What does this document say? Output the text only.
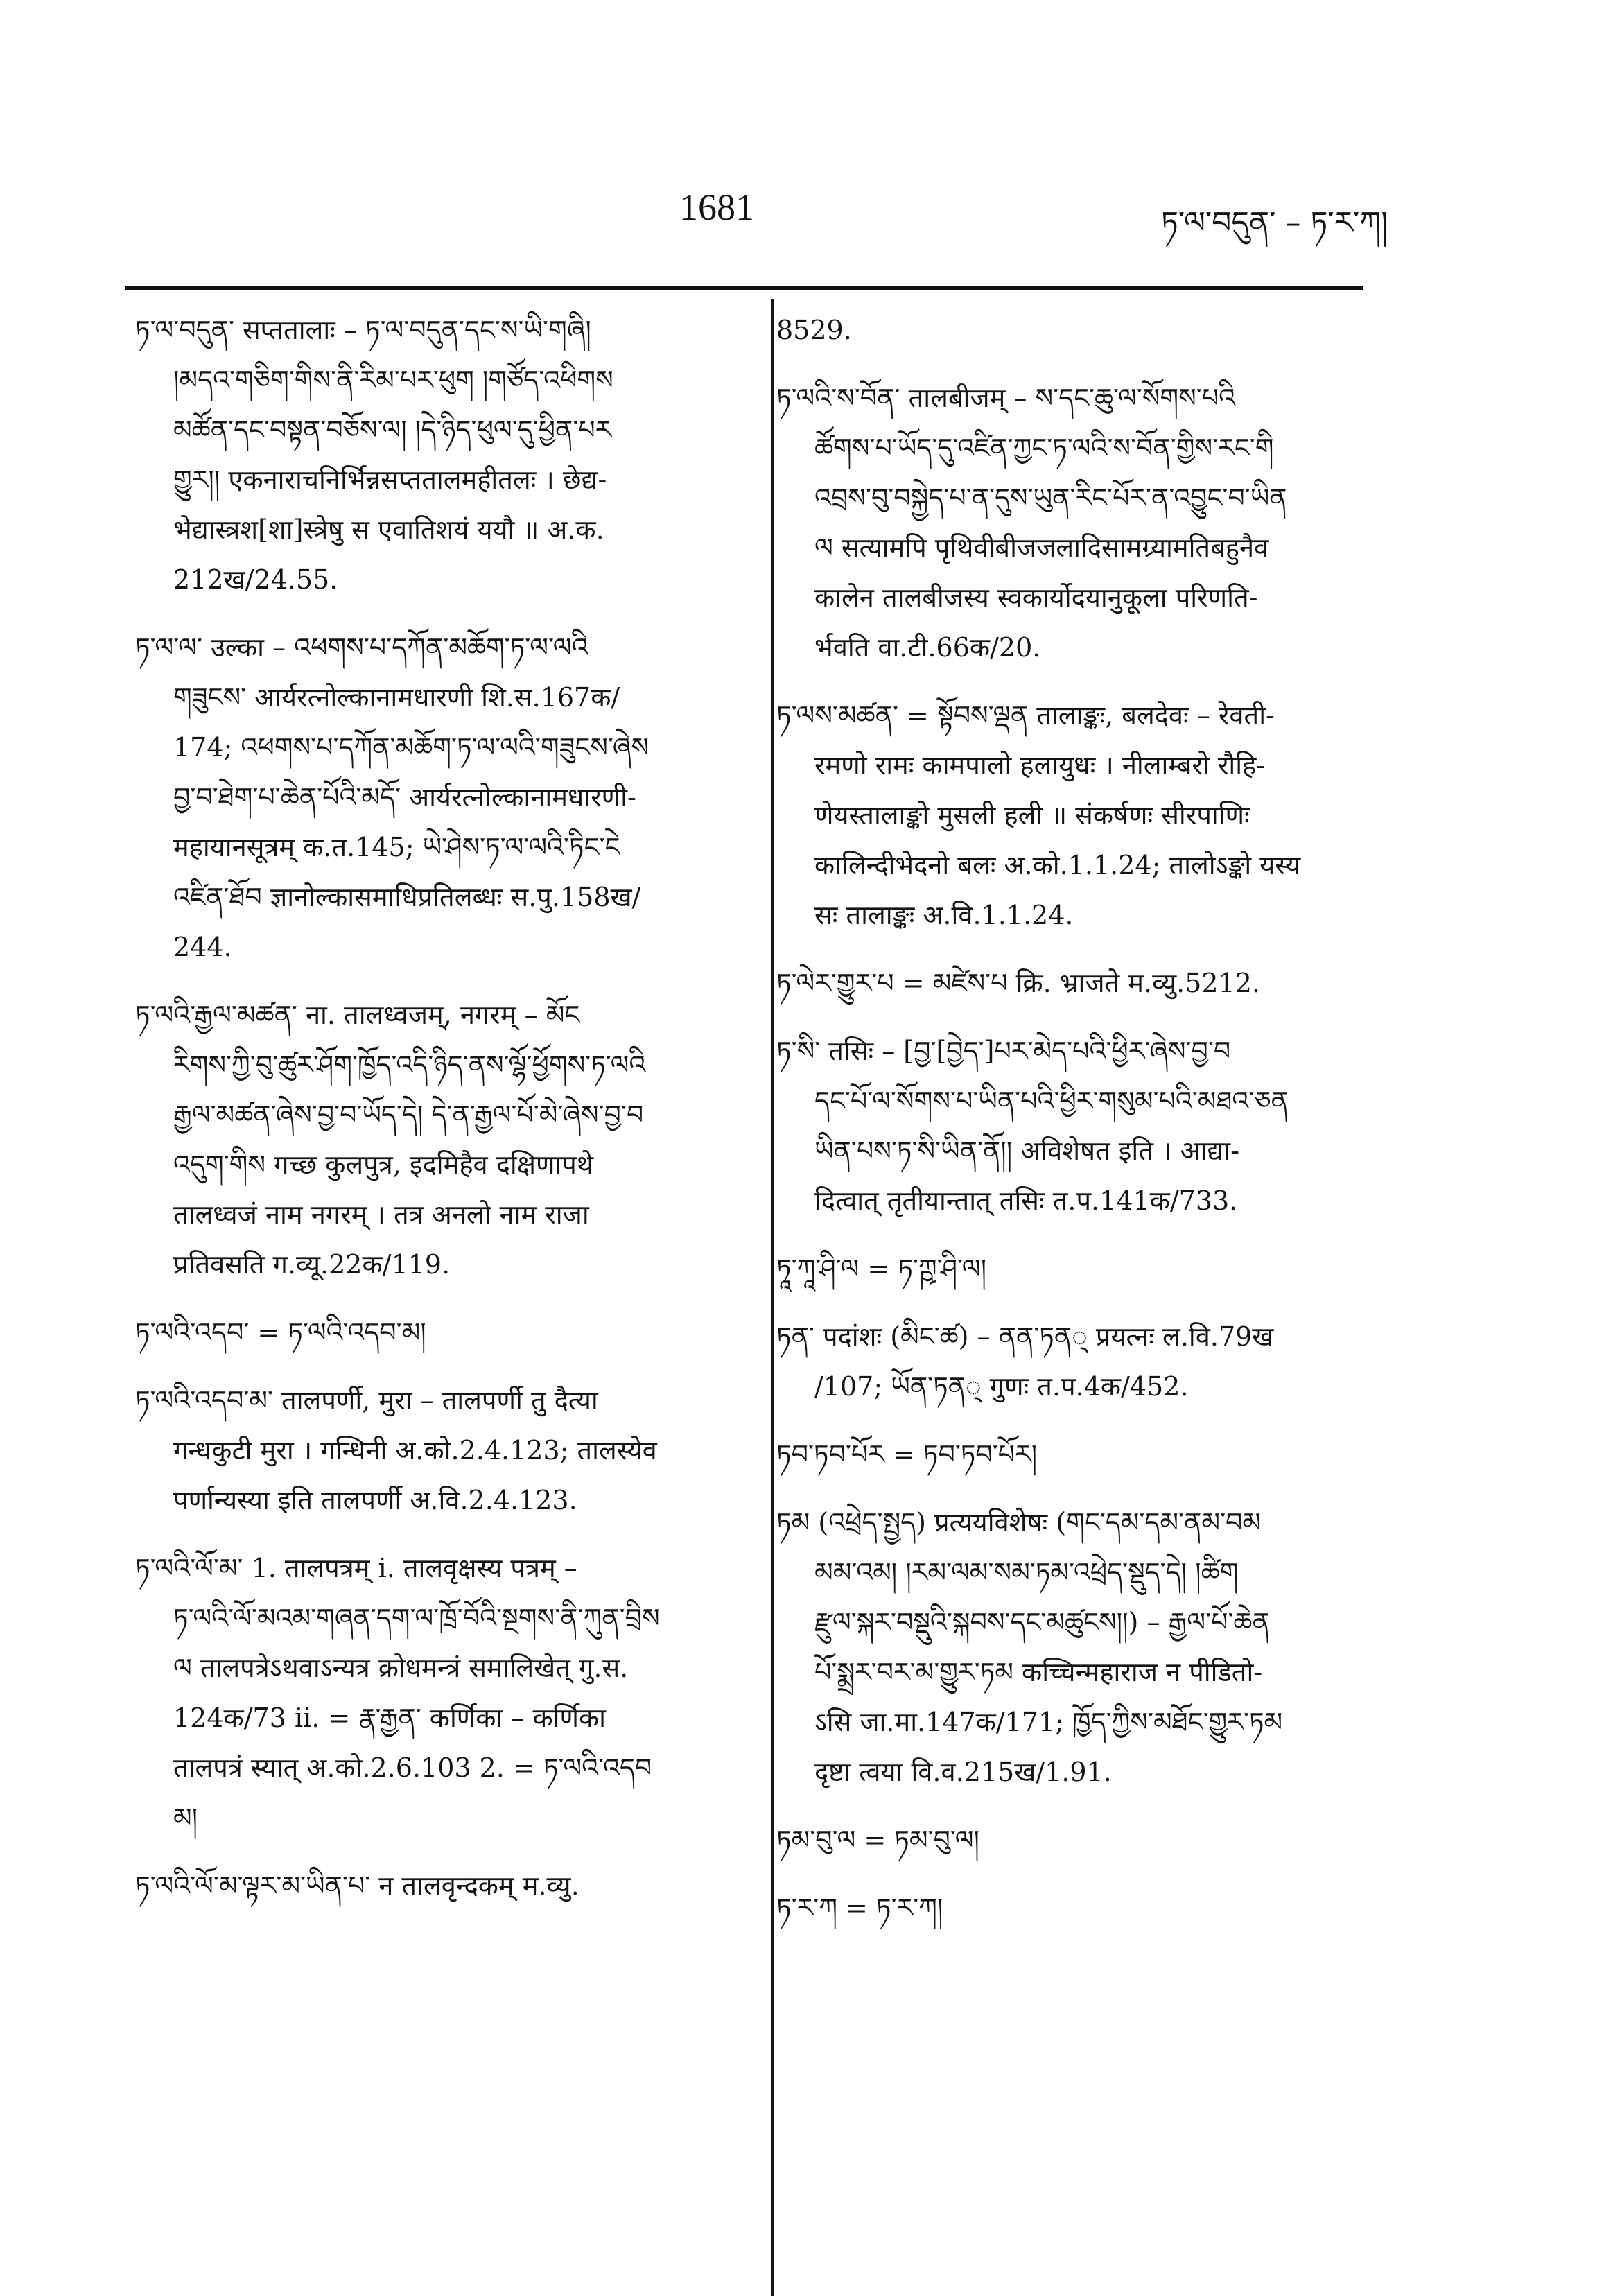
1681	ཏ་ལ་བདུན་ – ཏ་ར་ཀ།
ཏ་ལ་བདུན་ सप्ततालाः – ཏ་ལ་བདུན་དང་ས་ཡི་གཞི།
།མདའ་གཅིག་གིས་ནི་རིམ་པར་ཕུག །གཙོད་འཕིགས
མཚོན་དང་བསྟན་བཅོས་ལ། །དེ་ཉིད་ཕུལ་དུ་ཕྱིན་པར
གྱུར།། एकनाराचनिर्भिन्नसप्ततालमहीतलः । छेद्य-
भेद्यास्त्रश[शा]स्त्रेषु स एवातिशयं ययौ ॥ अ.क.
212ख/24.55.
ཏ་ལ་ལ་ उल्का – འཕགས་པ་དཀོན་མཆོག་ཏ་ལ་ལའི
གཟུངས་ आर्यरत्नोल्कानामधारणी शि.स.167क/
174; འཕགས་པ་དཀོན་མཆོག་ཏ་ལ་ལའི་གཟུངས་ཞེས
བྱ་བ་ཐེག་པ་ཆེན་པོའི་མདོ་ आर्यरत्नोल्कानामधारणी-
महायानसूत्रम् क.त.145; ཡེ་ཤེས་ཏ་ལ་ལའི་ཏིང་ངེ
འཛིན་ཐོབ ज्ञानोल्कासमाधिप्रतिलब्धः स.पु.158ख/
244.
ཏ་ལའི་རྒྱལ་མཚན་ ना. तालध्वजम्, नगरम् – མོང
རིགས་ཀྱི་བུ་ཚུར་ཤོག་ཁྱོད་འདི་ཉིད་ནས་ལྷོ་ཕྱོགས་ཏ་ལའི
རྒྱལ་མཚན་ཞེས་བྱ་བ་ཡོད་དེ། དེ་ན་རྒྱལ་པོ་མེ་ཞེས་བྱ་བ
འདུག་གིས गच्छ कुलपुत्र, इदमिहैव दक्षिणापथे
तालध्वजं नाम नगरम् । तत्र अनलो नाम राजा
प्रतिवसति ग.व्यू.22क/119.
ཏ་ལའི་འདབ་ = ཏ་ལའི་འདབ་མ།
ཏ་ལའི་འདབ་མ་ तालपर्णी, मुरा – तालपर्णी तु दैत्या
गन्धकुटी मुरा । गन्धिनी अ.को.2.4.123; तालस्येव
पर्णान्यस्या इति तालपर्णी अ.वि.2.4.123.
ཏ་ལའི་ལོ་མ་ 1. तालपत्रम् i. तालवृक्षस्य पत्रम् –
ཏ་ལའི་ལོ་མའམ་གཞན་དག་ལ་ཁྲོ་བོའི་སྔགས་ནི་ཀུན་བྲིས
ལ तालपत्रेऽथवाऽन्यत्र क्रोधमन्त्रं समालिखेत् गु.स.
124क/73 ii. = རྣ་རྒྱན་ कर्णिका – कर्णिका
तालपत्रं स्यात् अ.को.2.6.103 2. = ཏ་ལའི་འདབ
མ།
ཏ་ལའི་ལོ་མ་ལྟར་མ་ཡིན་པ་ न तालवृन्दकम् म.व्यु.
8529.
ཏ་ལའི་ས་བོན་ तालबीजम् – ས་དང་ཆུ་ལ་སོགས་པའི
ཚོགས་པ་ཡོད་དུ་འཛིན་ཀྱང་ཏ་ལའི་ས་བོན་གྱིས་རང་གི
འབྲས་བུ་བསྐྱེད་པ་ན་དུས་ཡུན་རིང་པོར་ན་འབྱུང་བ་ཡིན
ལ सत्यामपि पृथिवीबीजजलादिसामग्र्यामतिबहुनैव
कालेन तालबीजस्य स्वकार्योदयानुकूला परिणति-
र्भवति वा.टी.66क/20.
ཏ་ལས་མཚན་ = སྟོབས་ལྡན तालाङ्कः, बलदेवः – रेवती-
रमणो रामः कामपालो हलायुधः । नीलाम्बरो रौहि-
णेयस्तालाङ्को मुसली हली ॥ संकर्षणः सीरपाणिः
कालिन्दीभेदनो बलः अ.को.1.1.24; तालोऽङ्को यस्य
सः तालाङ्कः अ.वि.1.1.24.
ཏ་ལེར་གྱུར་པ = མཛེས་པ क्रि. भ्राजते म.व्यु.5212.
ཏ་སི་ तसिः – [བྱ་[བྱེད་]པར་མེད་པའི་ཕྱིར་ཞེས་བྱ་བ
དང་པོ་ལ་སོགས་པ་ཡིན་པའི་ཕྱིར་གསུམ་པའི་མཐའ་ཅན
ཡིན་པས་ཏ་སི་ཡིན་ནོ།། अविशेषत इति । आद्या-
दित्वात् तृतीयान्तात् तसिः त.प.141क/733.
ཏཱ་ཀཱ་ཤི་ལ = ཏ་ཀྵ་ཤི་ལ།
ཏན་ पदांशः (མིང་ཚ) – ནན་ཏན् प्रयत्नः ल.वि.79ख
/107; ཡོན་ཏན् गुणः त.प.4क/452.
ཏབ་ཏབ་པོར = ཏབ་ཏབ་པོར།
ཏམ (འཕྲེད་སྤྱད) प्रत्ययविशेषः (གང་དམ་དམ་ནམ་བམ
མམ་འམ། །རམ་ལམ་སམ་ཏམ་འཕྲེད་སྡུད་དེ། །ཚིག
རྫུལ་སྐར་བསྡུའི་སྐབས་དང་མཚུངས།།) – རྒྱལ་པོ་ཆེན
པོ་སྨྲར་བར་མ་གྱུར་ཏམ कच्चिन्महाराज न पीडितो-
ऽसि जा.मा.147क/171; ཁྱོད་ཀྱིས་མཐོང་གྱུར་ཏམ
दृष्टा त्वया वि.व.215ख/1.91.
ཏམ་བུ་ལ = ཏམ་བུ་ལ།
ཏ་ར་ཀ = ཏ་ར་ཀ།
